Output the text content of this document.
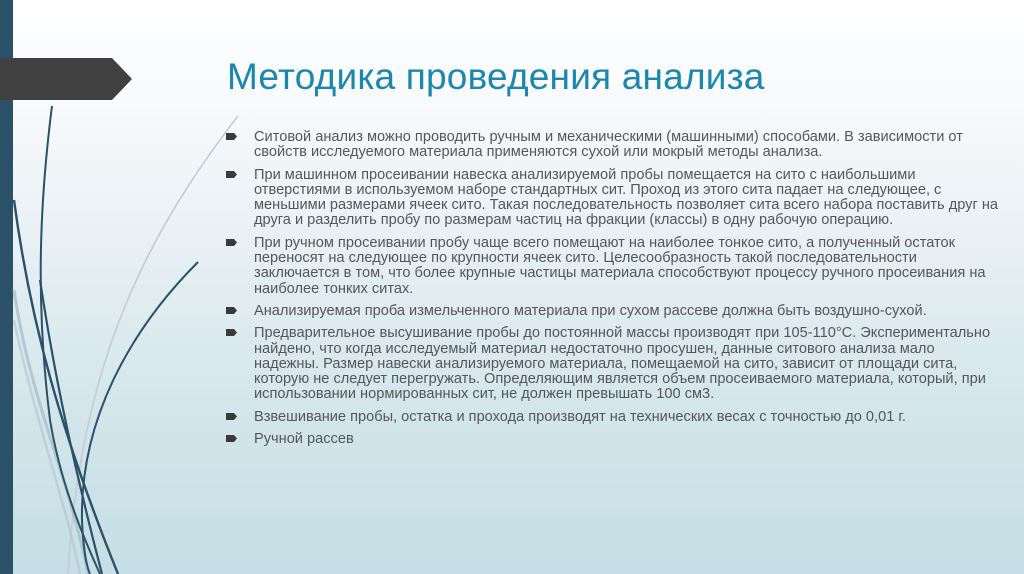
Методика проведения анализа
Ситовой анализ можно проводить ручным и механическими (машинными) способами. В зависимости от свойств исследуемого материала применяются сухой или мокрый методы анализа.
При машинном просеивании навеска анализируемой пробы помещается на сито с наибольшими отверстиями в используемом наборе стандартных сит. Проход из этого сита падает на следующее, с меньшими размерами ячеек сито. Такая последовательность позволяет сита всего набора поставить друг на друга и разделить пробу по размерам частиц на фракции (классы) в одну рабочую операцию.
При ручном просеивании пробу чаще всего помещают на наиболее тонкое сито, а полученный остаток переносят на следующее по крупности ячеек сито. Целесообразность такой последовательности заключается в том, что более крупные частицы материала способствуют процессу ручного просеивания на наиболее тонких ситах.
Анализируемая проба измельченного материала при сухом рассеве должна быть воздушно-сухой.
Предварительное высушивание пробы до постоянной массы производят при 105-110°С. Экспериментально найдено, что когда исследуемый материал недостаточно просушен, данные ситового анализа мало надежны. Размер навески анализируемого материала, помещаемой на сито, зависит от площади сита, которую не следует перегружать. Определяющим является объем просеиваемого материала, который, при использовании нормированных сит, не должен превышать 100 см3.
Взвешивание пробы, остатка и прохода производят на технических весах с точностью до 0,01 г.
Ручной рассев
